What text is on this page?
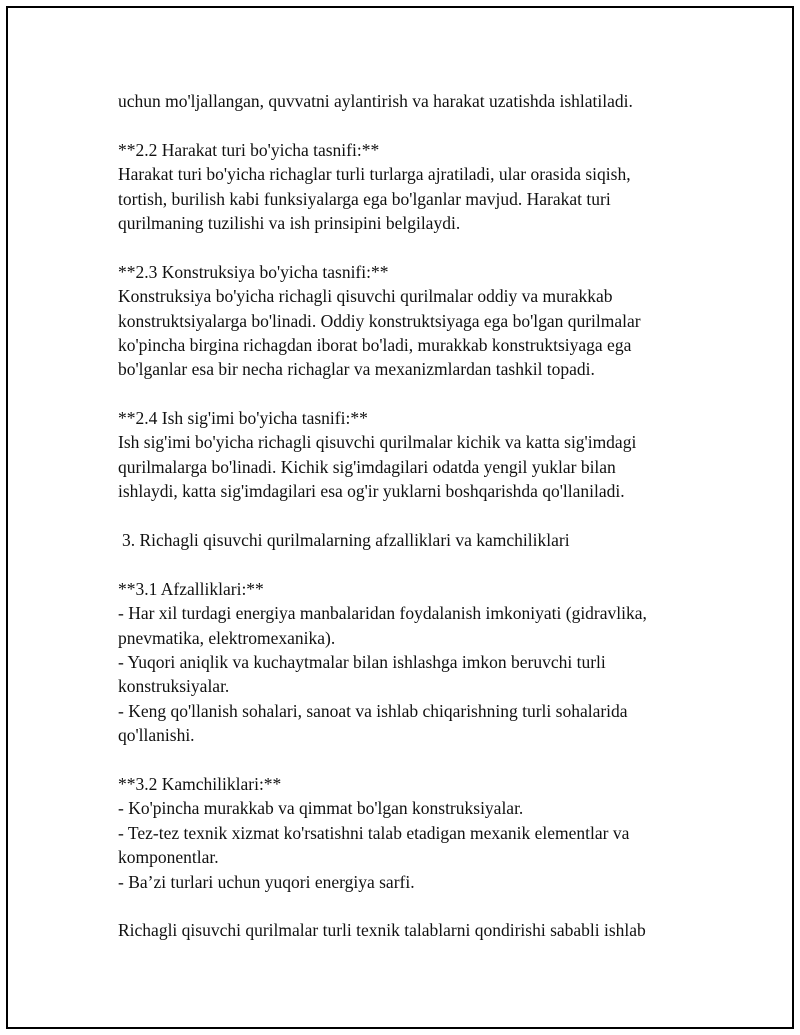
uchun mo'ljallangan, quvvatni aylantirish va harakat uzatishda ishlatiladi.
**2.2 Harakat turi bo'yicha tasnifi:**
Harakat turi bo'yicha richaglar turli turlarga ajratiladi, ular orasida siqish,
tortish, burilish kabi funksiyalarga ega bo'lganlar mavjud. Harakat turi
qurilmaning tuzilishi va ish prinsipini belgilaydi.
**2.3 Konstruksiya bo'yicha tasnifi:**
Konstruksiya bo'yicha richagli qisuvchi qurilmalar oddiy va murakkab
konstruktsiyalarga bo'linadi. Oddiy konstruktsiyaga ega bo'lgan qurilmalar
ko'pincha birgina richagdan iborat bo'ladi, murakkab konstruktsiyaga ega
bo'lganlar esa bir necha richaglar va mexanizmlardan tashkil topadi.
**2.4 Ish sig'imi bo'yicha tasnifi:**
Ish sig'imi bo'yicha richagli qisuvchi qurilmalar kichik va katta sig'imdagi
qurilmalarga bo'linadi. Kichik sig'imdagilari odatda yengil yuklar bilan
ishlaydi, katta sig'imdagilari esa og'ir yuklarni boshqarishda qo'llaniladi.
3. Richagli qisuvchi qurilmalarning afzalliklari va kamchiliklari
**3.1 Afzalliklari:**
- Har xil turdagi energiya manbalaridan foydalanish imkoniyati (gidravlika,
pnevmatika, elektromexanika).
- Yuqori aniqlik va kuchaytmalar bilan ishlashga imkon beruvchi turli
konstruksiyalar.
- Keng qo'llanish sohalari, sanoat va ishlab chiqarishning turli sohalarida
qo'llanishi.
**3.2 Kamchiliklari:**
- Ko'pincha murakkab va qimmat bo'lgan konstruksiyalar.
- Tez-tez texnik xizmat ko'rsatishni talab etadigan mexanik elementlar va
komponentlar.
- Ba’zi turlari uchun yuqori energiya sarfi.
Richagli qisuvchi qurilmalar turli texnik talablarni qondirishi sababli ishlab
